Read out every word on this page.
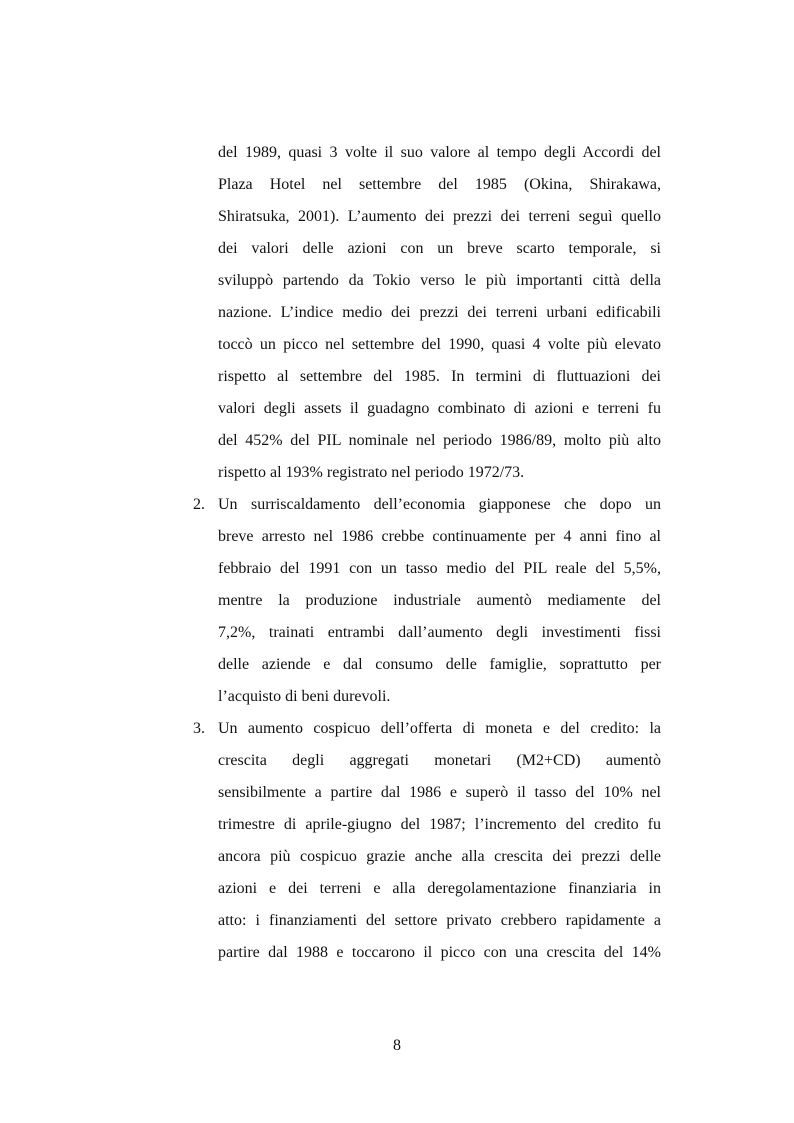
del 1989, quasi 3 volte il suo valore al tempo degli Accordi del
Plaza Hotel nel settembre del 1985 (Okina, Shirakawa,
Shiratsuka, 2001). L’aumento dei prezzi dei terreni seguì quello
dei valori delle azioni con un breve scarto temporale, si
sviluppò partendo da Tokio verso le più importanti città della
nazione. L’indice medio dei prezzi dei terreni urbani edificabili
toccò un picco nel settembre del 1990, quasi 4 volte più elevato
rispetto al settembre del 1985. In termini di fluttuazioni dei
valori degli assets il guadagno combinato di azioni e terreni fu
del 452% del PIL nominale nel periodo 1986/89, molto più alto
rispetto al 193% registrato nel periodo 1972/73.
2. Un surriscaldamento dell’economia giapponese che dopo un
breve arresto nel 1986 crebbe continuamente per 4 anni fino al
febbraio del 1991 con un tasso medio del PIL reale del 5,5%,
mentre la produzione industriale aumentò mediamente del
7,2%, trainati entrambi dall’aumento degli investimenti fissi
delle aziende e dal consumo delle famiglie, soprattutto per
l’acquisto di beni durevoli.
3. Un aumento cospicuo dell’offerta di moneta e del credito: la
crescita degli aggregati monetari (M2+CD) aumentò
sensibilmente a partire dal 1986 e superò il tasso del 10% nel
trimestre di aprile-giugno del 1987; l’incremento del credito fu
ancora più cospicuo grazie anche alla crescita dei prezzi delle
azioni e dei terreni e alla deregolamentazione finanziaria in
atto: i finanziamenti del settore privato crebbero rapidamente a
partire dal 1988 e toccarono il picco con una crescita del 14%
8
